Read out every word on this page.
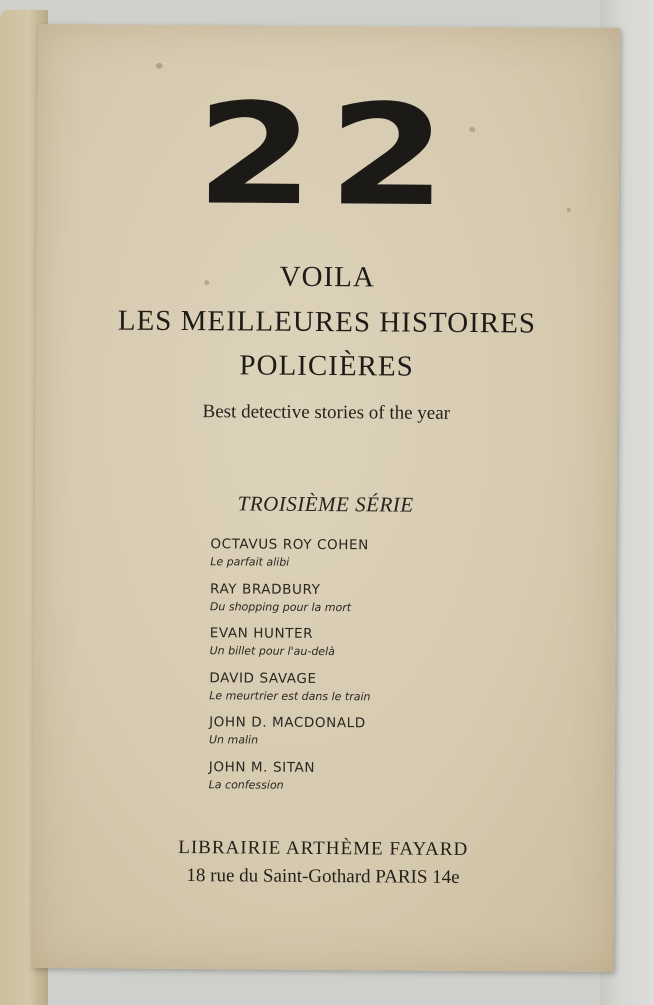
22
VOILA
LES MEILLEURES HISTOIRES
POLICIÈRES
Best detective stories of the year
TROISIÈME SÉRIE
OCTAVUS ROY COHEN
Le parfait alibi
RAY BRADBURY
Du shopping pour la mort
EVAN HUNTER
Un billet pour l'au-delà
DAVID SAVAGE
Le meurtrier est dans le train
JOHN D. MACDONALD
Un malin
JOHN M. SITAN
La confession
LIBRAIRIE ARTHÈME FAYARD
18 rue du Saint-Gothard PARIS 14e
